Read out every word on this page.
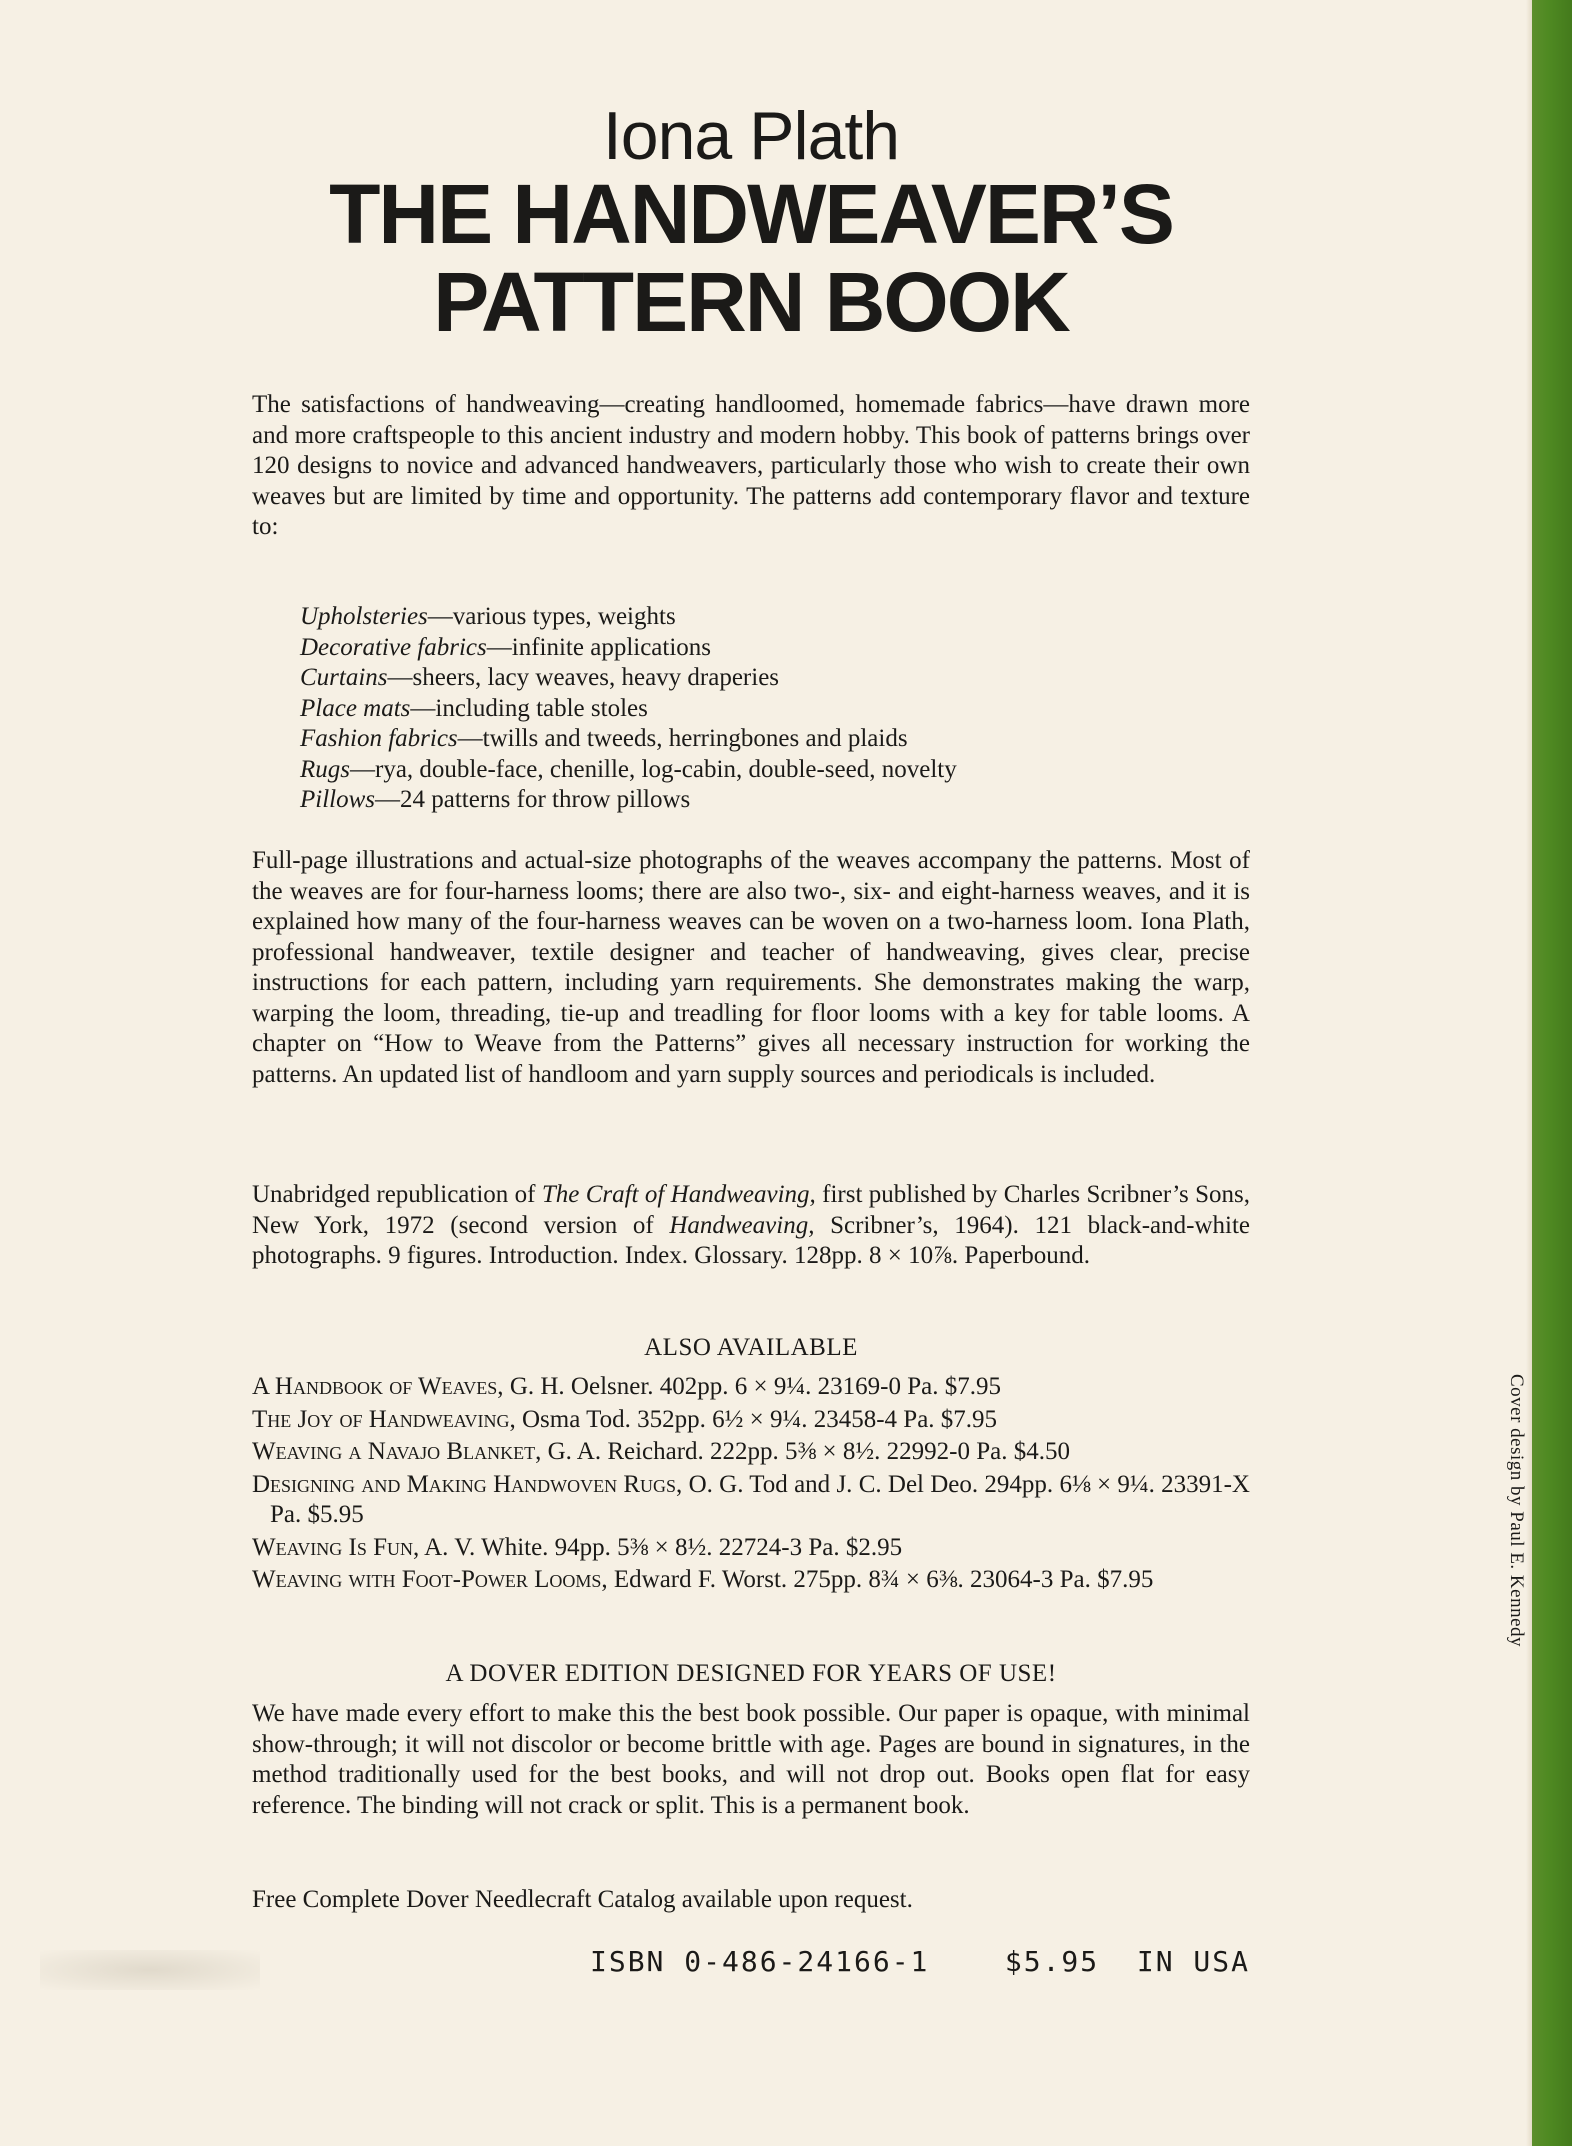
Iona Plath
THE HANDWEAVER’S
PATTERN BOOK
The satisfactions of handweaving—creating handloomed, homemade fabrics—have drawn more and more craftspeople to this ancient industry and modern hobby. This book of patterns brings over 120 designs to novice and advanced handweavers, particularly those who wish to create their own weaves but are limited by time and opportunity. The patterns add contemporary flavor and texture to:
Upholsteries—various types, weights
Decorative fabrics—infinite applications
Curtains—sheers, lacy weaves, heavy draperies
Place mats—including table stoles
Fashion fabrics—twills and tweeds, herringbones and plaids
Rugs—rya, double-face, chenille, log-cabin, double-seed, novelty
Pillows—24 patterns for throw pillows
Full-page illustrations and actual-size photographs of the weaves accompany the patterns. Most of the weaves are for four-harness looms; there are also two-, six- and eight-harness weaves, and it is explained how many of the four-harness weaves can be woven on a two-harness loom. Iona Plath, professional handweaver, textile designer and teacher of handweaving, gives clear, precise instructions for each pattern, including yarn requirements. She demonstrates making the warp, warping the loom, threading, tie-up and treadling for floor looms with a key for table looms. A chapter on “How to Weave from the Patterns” gives all necessary instruction for working the patterns. An updated list of handloom and yarn supply sources and periodicals is included.
Unabridged republication of The Craft of Handweaving, first published by Charles Scribner’s Sons, New York, 1972 (second version of Handweaving, Scribner’s, 1964). 121 black-and-white photographs. 9 figures. Introduction. Index. Glossary. 128pp. 8 × 10⅞. Paperbound.
ALSO AVAILABLE
A Handbook of Weaves, G. H. Oelsner. 402pp. 6 × 9¼. 23169-0 Pa. $7.95
The Joy of Handweaving, Osma Tod. 352pp. 6½ × 9¼. 23458-4 Pa. $7.95
Weaving a Navajo Blanket, G. A. Reichard. 222pp. 5⅜ × 8½. 22992-0 Pa. $4.50
Designing and Making Handwoven Rugs, O. G. Tod and J. C. Del Deo. 294pp. 6⅛ × 9¼. 23391-X Pa. $5.95
Weaving Is Fun, A. V. White. 94pp. 5⅜ × 8½. 22724-3 Pa. $2.95
Weaving with Foot-Power Looms, Edward F. Worst. 275pp. 8¾ × 6⅜. 23064-3 Pa. $7.95
A DOVER EDITION DESIGNED FOR YEARS OF USE!
We have made every effort to make this the best book possible. Our paper is opaque, with minimal show-through; it will not discolor or become brittle with age. Pages are bound in signatures, in the method traditionally used for the best books, and will not drop out. Books open flat for easy reference. The binding will not crack or split. This is a permanent book.
Free Complete Dover Needlecraft Catalog available upon request.
ISBN 0-486-24166-1    $5.95  IN USA
Cover design by Paul E. Kennedy
